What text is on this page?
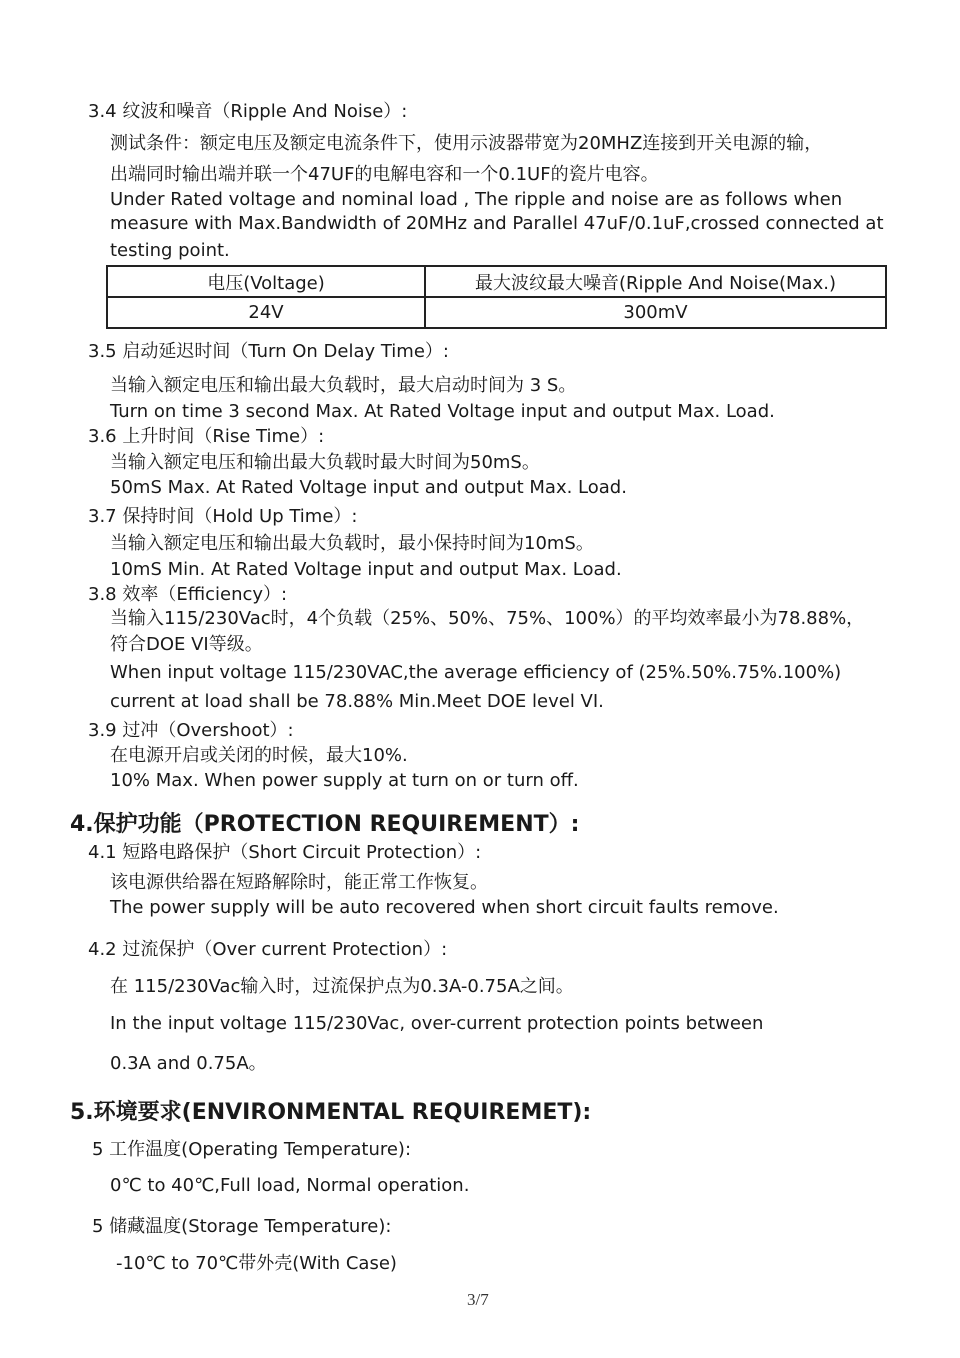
3.4 纹波和噪音（Ripple And Noise）:
测试条件：额定电压及额定电流条件下，使用示波器带宽为20MHZ连接到开关电源的输，
出端同时输出端并联一个47UF的电解电容和一个0.1UF的瓷片电容。
Under Rated voltage and nominal load , The ripple and noise are as follows when
measure with Max.Bandwidth of 20MHz and Parallel 47uF/0.1uF,crossed connected at
testing point.
电压(Voltage)	最大波纹最大噪音(Ripple And Noise(Max.)
24V	300mV
3.5 启动延迟时间（Turn On Delay Time）:
当输入额定电压和输出最大负载时，最大启动时间为 3 S。
Turn on time 3 second Max. At Rated Voltage input and output Max. Load.
3.6 上升时间（Rise Time）:
当输入额定电压和输出最大负载时最大时间为50mS。
50mS Max. At Rated Voltage input and output Max. Load.
3.7 保持时间（Hold Up Time）:
当输入额定电压和输出最大负载时，最小保持时间为10mS。
10mS Min. At Rated Voltage input and output Max. Load.
3.8 效率（Efficiency）:
当输入115/230Vac时，4个负载（25%、50%、75%、100%）的平均效率最小为78.88%，
符合DOE VI等级。
When input voltage 115/230VAC,the average efficiency of (25%.50%.75%.100%)
current at load shall be 78.88% Min.Meet DOE level VI.
3.9 过冲（Overshoot）:
在电源开启或关闭的时候，最大10%.
10% Max. When power supply at turn on or turn off.
4.保护功能（PROTECTION REQUIREMENT）:
4.1 短路电路保护（Short Circuit Protection）:
该电源供给器在短路解除时，能正常工作恢复。
The power supply will be auto recovered when short circuit faults remove.
4.2 过流保护（Over current Protection）:
在 115/230Vac输入时，过流保护点为0.3A-0.75A之间。
In the input voltage 115/230Vac, over-current protection points between
0.3A and 0.75A。
5.环境要求(ENVIRONMENTAL REQUIREMET):
5 工作温度(Operating Temperature):
0℃ to 40℃,Full load, Normal operation.
5 储藏温度(Storage Temperature):
-10℃ to 70℃带外壳(With Case)
3/7
